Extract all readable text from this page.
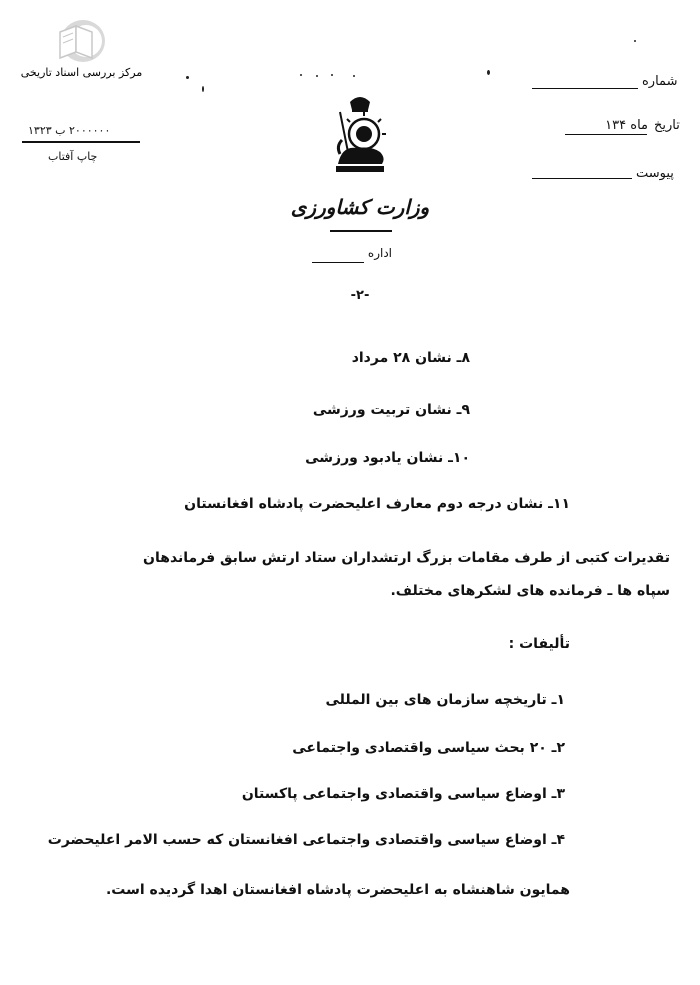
مرکز بررسی اسناد تاریخی
۲۰۰۰۰۰۰ ب ۱۳۲۳
چاپ آفتاب
وزارت کشاورزی
اداره
شماره
تاریخ
ماه ۱۳۴
پیوست
-۲-
۸ـ نشان ۲۸ مرداد
۹ـ نشان تربیت ورزشی
۱۰ـ نشان یادبود ورزشی
۱۱ـ نشان درجه دوم معارف اعلیحضرت پادشاه افغانستان
تقدیرات کتبی از طرف مقامات بزرگ ارتشداران ستاد ارتش سابق فرماندهان
سپاه ها ـ فرمانده های لشکرهای مختلف.
تألیفات :
۱ـ تاریخچه سازمان های بین المللی
۲ـ ۲۰ بحث سیاسی واقتصادی واجتماعی
۳ـ اوضاع سیاسی واقتصادی واجتماعی پاکستان
۴ـ اوضاع سیاسی واقتصادی واجتماعی افغانستان که حسب الامر اعلیحضرت
همایون شاهنشاه به اعلیحضرت پادشاه افغانستان اهدا گردیده است.
